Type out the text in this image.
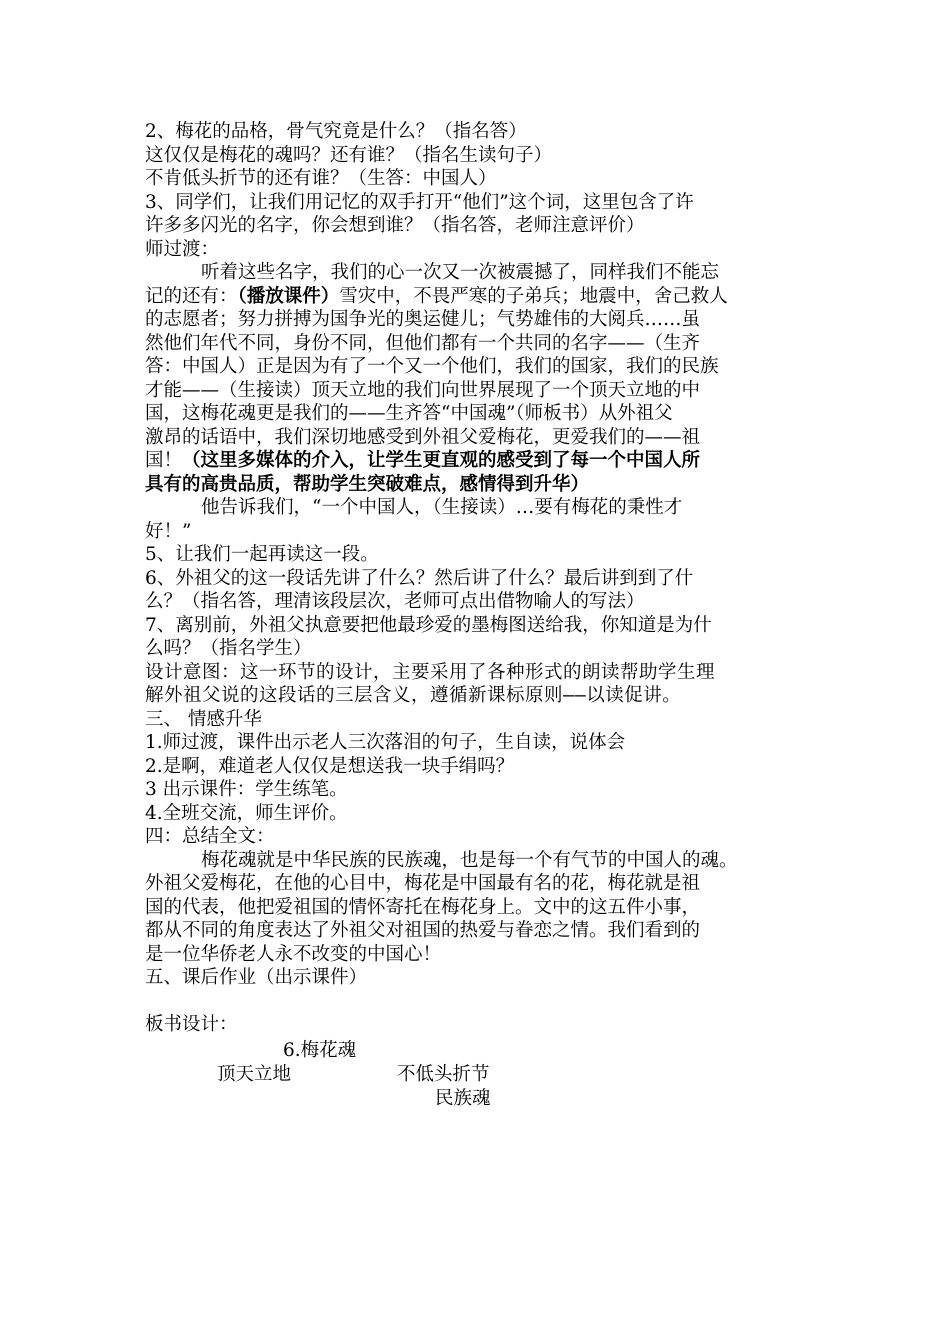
2、梅花的品格，骨气究竟是什么？（指名答）
这仅仅是梅花的魂吗？还有谁？（指名生读句子）
不肯低头折节的还有谁？（生答：中国人）
3、同学们，让我们用记忆的双手打开“他们”这个词，这里包含了许
许多多闪光的名字，你会想到谁？（指名答，老师注意评价）
师过渡：
听着这些名字，我们的心一次又一次被震撼了，同样我们不能忘
记的还有：（播放课件）雪灾中，不畏严寒的子弟兵；地震中，舍己救人
的志愿者；努力拼搏为国争光的奥运健儿；气势雄伟的大阅兵……虽
然他们年代不同，身份不同，但他们都有一个共同的名字——（生齐
答：中国人）正是因为有了一个又一个他们，我们的国家，我们的民族
才能——（生接读）顶天立地的我们向世界展现了一个顶天立地的中
国，这梅花魂更是我们的——生齐答“中国魂”（师板书）从外祖父
激昂的话语中，我们深切地感受到外祖父爱梅花，更爱我们的——祖
国！（这里多媒体的介入，让学生更直观的感受到了每一个中国人所
具有的高贵品质，帮助学生突破难点，感情得到升华）
他告诉我们，“一个中国人，（生接读）…要有梅花的秉性才
好！”
5、让我们一起再读这一段。
6、外祖父的这一段话先讲了什么？然后讲了什么？最后讲到到了什
么？（指名答，理清该段层次，老师可点出借物喻人的写法）
7、离别前，外祖父执意要把他最珍爱的墨梅图送给我，你知道是为什
么吗？（指名学生）
设计意图：这一环节的设计，主要采用了各种形式的朗读帮助学生理
解外祖父说的这段话的三层含义，遵循新课标原则——以读促讲。
三、 情感升华
1.师过渡，课件出示老人三次落泪的句子，生自读，说体会
2.是啊，难道老人仅仅是想送我一块手绢吗？
3 出示课件：学生练笔。
4.全班交流，师生评价。
四：总结全文：
梅花魂就是中华民族的民族魂，也是每一个有气节的中国人的魂。
外祖父爱梅花，在他的心目中，梅花是中国最有名的花，梅花就是祖
国的代表，他把爱祖国的情怀寄托在梅花身上。文中的这五件小事，
都从不同的角度表达了外祖父对祖国的热爱与眷恋之情。我们看到的
是一位华侨老人永不改变的中国心！
五、课后作业（出示课件）
板书设计：
6.梅花魂
顶天立地	不低头折节
民族魂
